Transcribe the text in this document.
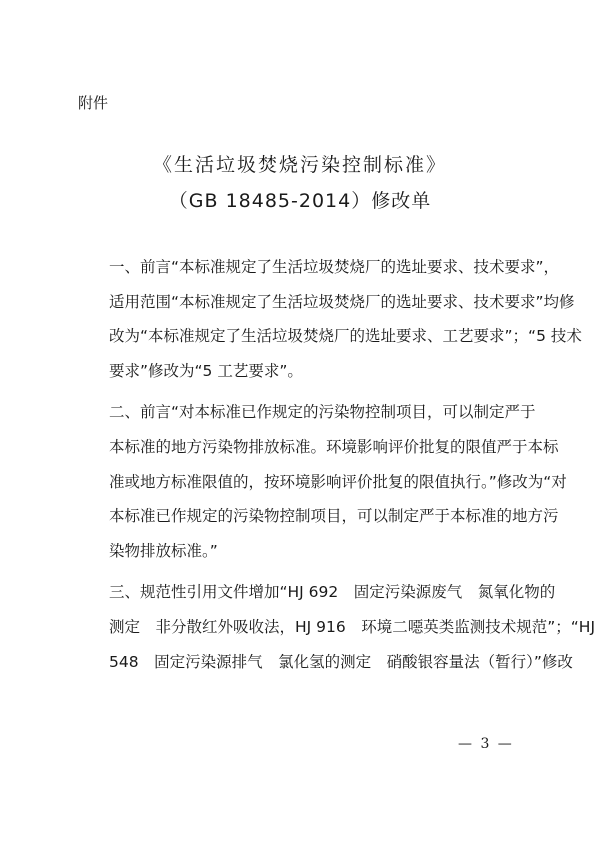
附件
《生活垃圾焚烧污染控制标准》
（GB 18485-2014）修改单

一、前言“本标准规定了生活垃圾焚烧厂的选址要求、技术要求”，
适用范围“本标准规定了生活垃圾焚烧厂的选址要求、技术要求”均修
改为“本标准规定了生活垃圾焚烧厂的选址要求、工艺要求”；“5 技术
要求”修改为“5 工艺要求”。

二、前言“对本标准已作规定的污染物控制项目，可以制定严于
本标准的地方污染物排放标准。环境影响评价批复的限值严于本标
准或地方标准限值的，按环境影响评价批复的限值执行。”修改为“对
本标准已作规定的污染物控制项目，可以制定严于本标准的地方污
染物排放标准。”

三、规范性引用文件增加“HJ 692　固定污染源废气　氮氧化物的
测定　非分散红外吸收法，HJ 916　环境二噁英类监测技术规范”；“HJ
548　固定污染源排气　氯化氢的测定　硝酸银容量法（暂行）”修改

— 3 —
